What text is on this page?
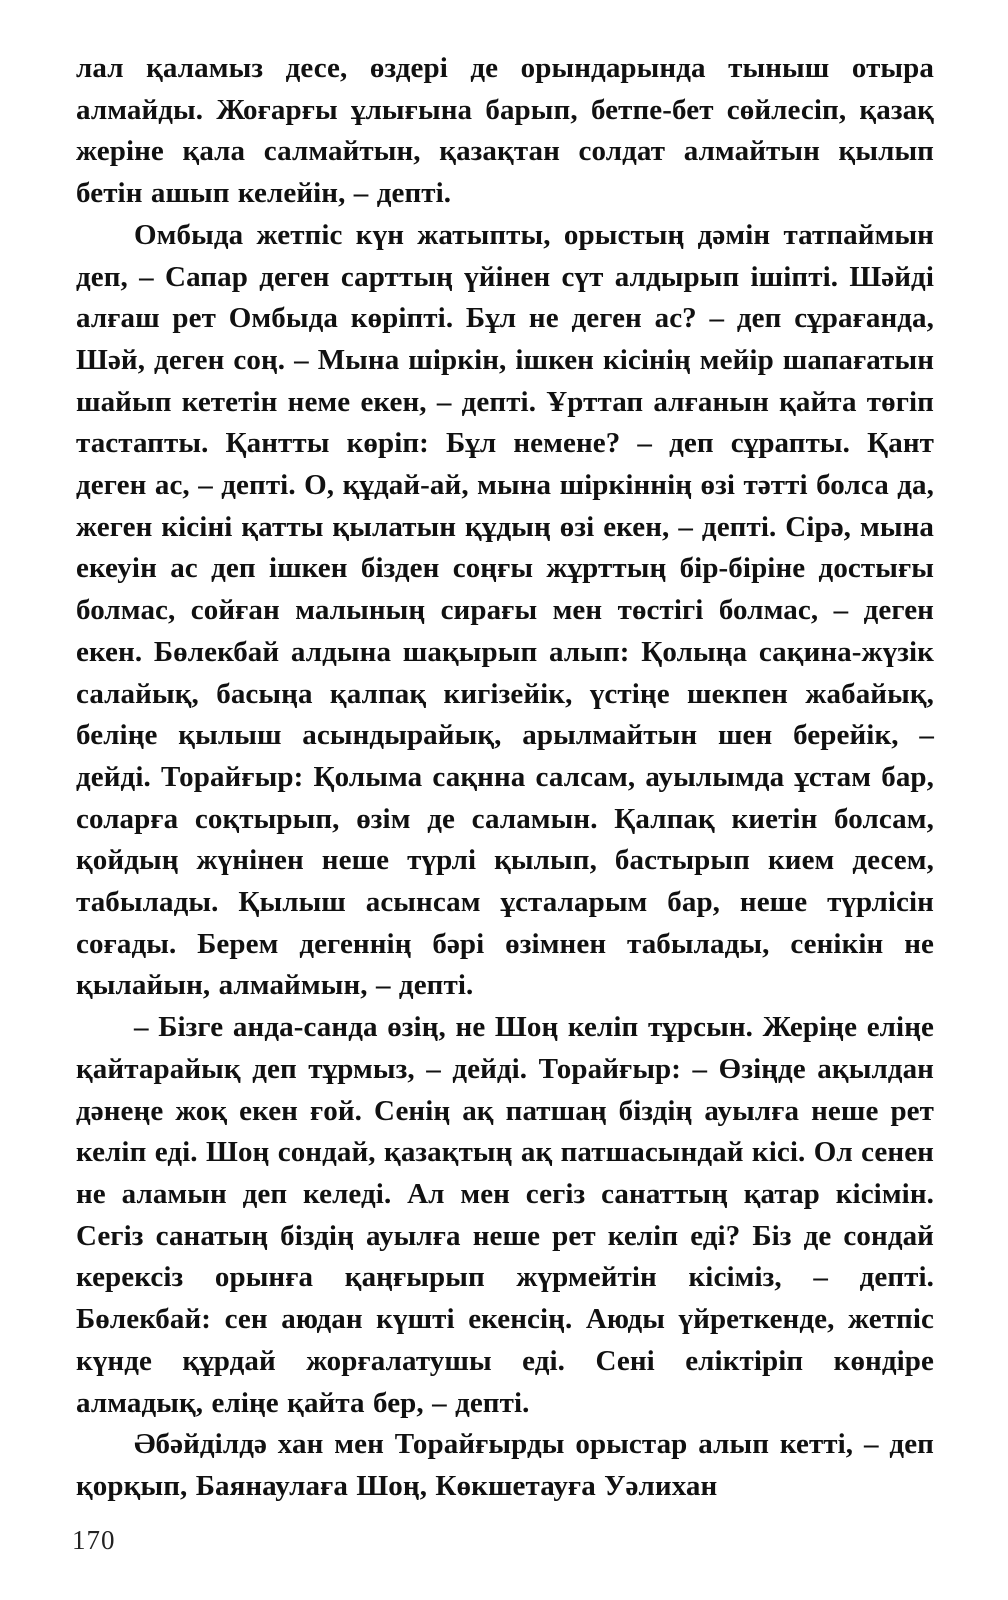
лал қаламыз десе, өздері де орындарында тыныш отыра алмайды. Жоғарғы ұлығына барып, бетпе-бет сөйлесіп, қазақ жеріне қала салмайтын, қазақтан солдат алмайтын қылып бетін ашып келейін, – депті.

Омбыда жетпіс күн жатыпты, орыстың дәмін татпаймын деп, – Сапар деген сарттың үйінен сүт алдырып ішіпті. Шәйді алғаш рет Омбыда көріпті. Бұл не деген ас? – деп сұрағанда, Шәй, деген соң. – Мына шіркін, ішкен кісінің мейір шапағатын шайып кететін неме екен, – депті. Ұрттап алғанын қайта төгіп тастапты. Қантты көріп: Бұл немене? – деп сұрапты. Қант деген ас, – депті. О, құдай-ай, мына шіркіннің өзі тәтті болса да, жеген кісіні қатты қылатын құдың өзі екен, – депті. Сірә, мына екеуін ас деп ішкен бізден соңғы жұрттың бір-біріне достығы болмас, сойған малының сирағы мен төстігі болмас, – деген екен. Бөлекбай алдына шақырып алып: Қолыңа сақина-жүзік салайық, басыңа қалпақ кигізейік, үстіңе шекпен жабайық, беліңе қылыш асындырайық, арылмайтын шен берейік, – дейді. Торайғыр: Қолыма сақнна салсам, ауылымда ұстам бар, соларға соқтырып, өзім де саламын. Қалпақ киетін болсам, қойдың жүнінен неше түрлі қылып, бастырып кием десем, табылады. Қылыш асынсам ұсталарым бар, неше түрлісін соғады. Берем дегеннің бәрі өзімнен табылады, сенікін не қылайын, алмаймын, – депті.

– Бізге анда-санда өзің, не Шоң келіп тұрсын. Жеріңе еліңе қайтарайық деп тұрмыз, – дейді. Торайғыр: – Өзіңде ақылдан дәнеңе жоқ екен ғой. Сенің ақ патшаң біздің ауылға неше рет келіп еді. Шоң сондай, қазақтың ақ патшасындай кісі. Ол сенен не аламын деп келеді. Ал мен сегіз санаттың қатар кісімін. Сегіз санатың біздің ауылға неше рет келіп еді? Біз де сондай керексіз орынға қаңғырып жүрмейтін кісіміз, – депті. Бөлекбай: сен аюдан күшті екенсің. Аюды үйреткенде, жетпіс күнде құрдай жорғалатушы еді. Сені еліктіріп көндіре алмадық, еліңе қайта бер, – депті.

Әбәйділдә хан мен Торайғырды орыстар алып кетті, – деп қорқып, Баянаулаға Шоң, Көкшетауға Уәлихан

170
